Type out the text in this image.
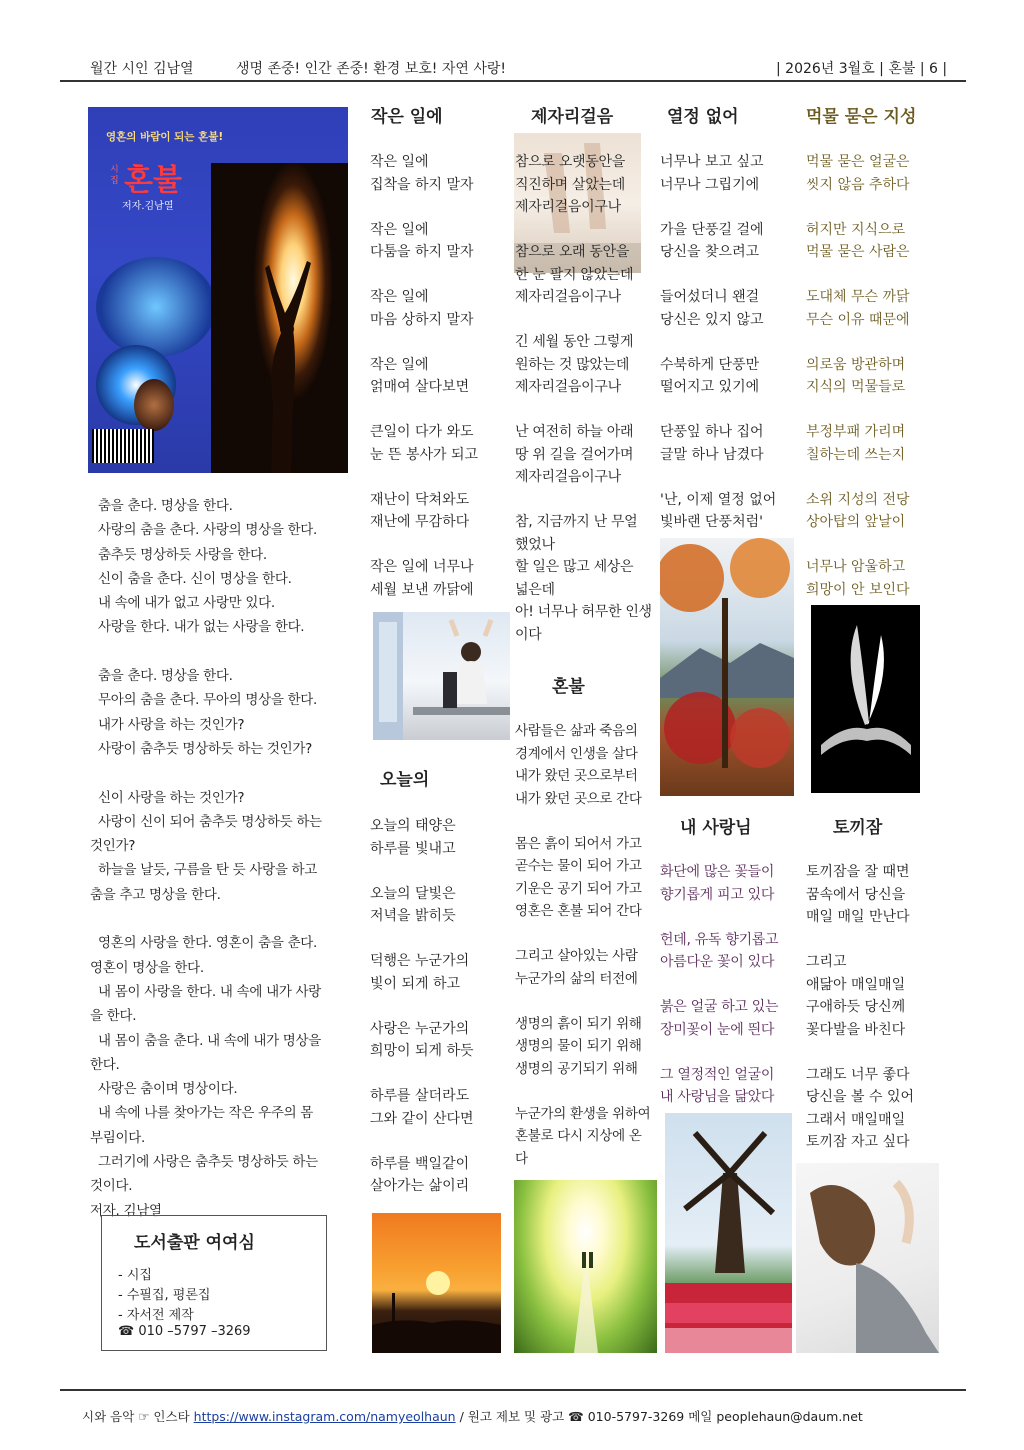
월간 시인 김남열	생명 존중! 인간 존중! 환경 보호! 자연 사랑!	| 2026년 3월호 | 혼불 | 6 |
영혼의 바람이 되는 혼불!
시집 혼불
저자.김남열
춤을 춘다. 명상을 한다.
사랑의 춤을 춘다. 사랑의 명상을 한다.
춤추듯 명상하듯 사랑을 한다.
신이 춤을 춘다. 신이 명상을 한다.
내 속에 내가 없고 사랑만 있다.
사랑을 한다. 내가 없는 사랑을 한다.

춤을 춘다. 명상을 한다.
무아의 춤을 춘다. 무아의 명상을 한다.
내가 사랑을 하는 것인가?
사랑이 춤추듯 명상하듯 하는 것인가?

신이 사랑을 하는 것인가?
사랑이 신이 되어 춤추듯 명상하듯 하는
것인가?
하늘을 날듯, 구름을 탄 듯 사랑을 하고
춤을 추고 명상을 한다.

영혼의 사랑을 한다. 영혼이 춤을 춘다.
영혼이 명상을 한다.
내 몸이 사랑을 한다. 내 속에 내가 사랑
을 한다.
내 몸이 춤을 춘다. 내 속에 내가 명상을
한다.
사랑은 춤이며 명상이다.
내 속에 나를 찾아가는 작은 우주의 몸
부림이다.
그러기에 사랑은 춤추듯 명상하듯 하는
것이다.
저자. 김남열
도서출판 여여심
- 시집
- 수필집, 평론집
- 자서전 제작
☎ 010 –5797 –3269
작은 일에
작은 일에
집착을 하지 말자

작은 일에
다툼을 하지 말자

작은 일에
마음 상하지 말자

작은 일에
얽매여 살다보면

큰일이 다가 와도
눈 뜬 봉사가 되고

재난이 닥쳐와도
재난에 무감하다

작은 일에 너무나
세월 보낸 까닭에
오늘의
오늘의 태양은
하루를 빛내고

오늘의 달빛은
저녁을 밝히듯

덕행은 누군가의
빛이 되게 하고

사랑은 누군가의
희망이 되게 하듯

하루를 살더라도
그와 같이 산다면

하루를 백일같이
살아가는 삶이리
제자리걸음
참으로 오랫동안을
직진하며 살았는데
제자리걸음이구나

참으로 오래 동안을
한 눈 팔지 않았는데
제자리걸음이구나

긴 세월 동안 그렇게
원하는 것 많았는데
제자리걸음이구나

난 여전히 하늘 아래
땅 위 길을 걸어가며
제자리걸음이구나

참, 지금까지 난 무얼
했었나
할 일은 많고 세상은
넓은데
아! 너무나 허무한 인생
이다
혼불
사람들은 삶과 죽음의
경계에서 인생을 살다
내가 왔던 곳으로부터
내가 왔던 곳으로 간다

몸은 흙이 되어서 가고
곧수는 물이 되어 가고
기운은 공기 되어 가고
영혼은 혼불 되어 간다

그리고 살아있는 사람
누군가의 삶의 터전에

생명의 흙이 되기 위해
생명의 물이 되기 위해
생명의 공기되기 위해

누군가의 환생을 위하여
혼불로 다시 지상에 온
다
열정 없어
너무나 보고 싶고
너무나 그립기에

가을 단풍길 걸에
당신을 찾으려고

들어섰더니 왠걸
당신은 있지 않고

수북하게 단풍만
떨어지고 있기에

단풍잎 하나 집어
글말 하나 남겼다

'난, 이제 열정 없어
빛바랜 단풍처럼'
내 사랑님
화단에 많은 꽃들이
향기롭게 피고 있다

헌데, 유독 향기롭고
아름다운 꽃이 있다

붉은 얼굴 하고 있는
장미꽃이 눈에 띈다

그 열정적인 얼굴이
내 사랑님을 닮았다
먹물 묻은 지성
먹물 묻은 얼굴은
씻지 않음 추하다

허지만 지식으로
먹물 묻은 사람은

도대체 무슨 까닭
무슨 이유 때문에

의로움 방관하며
지식의 먹물들로

부정부패 가리며
칠하는데 쓰는지

소위 지성의 전당
상아탑의 앞날이

너무나 암울하고
희망이 안 보인다
토끼잠
토끼잠을 잘 때면
꿈속에서 당신을
매일 매일 만난다

그리고
애닮아 매일매일
구애하듯 당신께
꽃다발을 바친다

그래도 너무 좋다
당신을 볼 수 있어
그래서 매일매일
토끼잠 자고 싶다
시와 음악 ☞ 인스타 https://www.instagram.com/namyeolhaun / 원고 제보 및 광고 ☎ 010-5797-3269 메일 peoplehaun@daum.net
